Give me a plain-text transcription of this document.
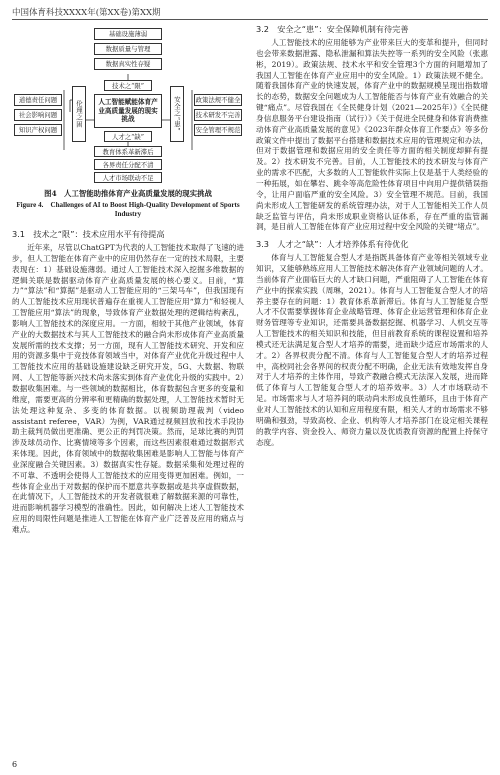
中国体育科技XXXX年(第XX卷)第XX期
基础设施薄弱
数据质量与管理
数据真实性存疑
道德责任问题
社会影响问题
知识产权问题
伦理之困
技术之“限”
人工智能赋能体育产业高质量发展的现实挑战
人才之“缺”
安全之“患”	政策法规不健全
技术研发不完善
安全管理不规范
教育体系革新滞后
各界责任分配不清
人才市场联动不足
图4　人工智能助推体育产业高质量发展的现实挑战
Figure 4.　Challenges of AI to Boost High-Quality Development of Sports Industry
3.1　技术之“限”：技术应用水平有待提高

近年来，尽管以ChatGPT为代表的人工智能技术取得了飞速的进步，但人工智能在体育产业中的应用仍然存在一定的技术局限，主要表现在：1）基础设施薄弱。通过人工智能技术深入挖掘多维数据的逻辑关联是数据驱动体育产业高质量发展的核心要义。目前，“算力”“算法”和“算据”是驱动人工智能应用的“三架马车”，但我国现有的人工智能技术应用现状普遍存在重视人工智能应用“算力”和轻视人工智能应用“算法”的现象，导致体育产业数据处理的逻辑结构紊乱，影响人工智能技术的深度应用。一方面，相较于其他产业领域，体育产业的大数据技术与其人工智能技术的融合尚未形成体育产业高质量发展所需的技术支撑；另一方面，现有人工智能技术研究、开发和应用的资源多集中于竞技体育领域当中，对体育产业优化升级过程中人工智能技术应用的基础设施建设缺乏研究开发，5G、大数据、物联网、人工智能等新兴技术尚未落实到体育产业优化升级的实践中。2）数据收集困难。与一些领域的数据相比，体育数据包含更多的变量和维度，需要更高的分辨率和更精确的数据处理，人工智能技术暂时无法处理这种复杂、多变的体育数据。以视频助理裁判（video assistant referee，VAR）为例，VAR通过视频回放和技术手段协助主裁判员做出更准确、更公正的判罚决策。然而，足球比赛的判罚涉及球员动作、比赛情境等多个因素，而这些因素很难通过数据形式来体现。因此，体育领域中的数据收集困难是影响人工智能与体育产业深度融合关键因素。3）数据真实性存疑。数据采集和处理过程的不可靠、不透明会使得人工智能技术的应用变得更加困难。例如，一些体育企业出于对数据的保护而不愿意共享数据或是共享虚假数据，在此情况下，人工智能技术的开发者就很难了解数据来源的可靠性，进而影响机器学习模型的准确性。因此，如何解决上述人工智能技术应用的局限性问题是推进人工智能在体育产业广泛普及应用的痛点与难点。

3.2　安全之“患”：安全保障机制有待完善

人工智能技术的应用能够为产业带来巨大的变革和提升，但同时也会带来数据泄露、隐私泄漏和算法失控等一系列的安全风险（张惠彬，2019）。政策法规、技术水平和安全管理3个方面的问题增加了我国人工智能在体育产业应用中的安全风险。1）政策法规不健全。随着我国体育产业的快速发展，体育产业中的数据规模呈现出指数增长的态势，数据安全问题成为人工智能能否与体育产业有效融合的关键“痛点”。尽管我国在《全民健身计划（2021—2025年）》《全民健身信息服务平台建设指南（试行）》《关于促进全民健身和体育消费推动体育产业高质量发展的意见》《2023年群众体育工作要点》等多份政策文件中提出了数据平台搭建和数据技术应用的管理规定和办法，但对于数据管理和数据应用的安全责任等方面的相关制度却鲜有提及。2）技术研发不完善。目前，人工智能技术的技术研发与体育产业的需求不匹配，大多数的人工智能软件实际上仅是基于人类经验的一种拓展，如在攀岩、跳伞等高危险性体育项目中向用户提供错误指令，让用户面临严重的安全风险。3）安全管理不规范。目前，我国尚未形成人工智能研发的系统管理办法，对于人工智能相关工作人员缺乏监管与评估，尚未形成职业资格认证体系，存在严重的监管漏洞，是目前人工智能在体育产业应用过程中安全风险的关键“堵点”。

3.3　人才之“缺”：人才培养体系有待优化

体育与人工智能复合型人才是指既具备体育产业等相关领域专业知识，又能够熟练应用人工智能技术解决体育产业领域问题的人才。当前体育产业面临巨大的人才缺口问题，严重阻碍了人工智能在体育产业中的探索实践（周琳，2021）。体育与人工智能复合型人才的培养主要存在的问题：1）教育体系革新滞后。体育与人工智能复合型人才不仅需要掌握体育企业战略管理、体育企业运营管理和体育企业财务管理等专业知识，还需要具备数据挖掘、机器学习、人机交互等人工智能技术的相关知识和技能，但目前教育系统的课程设置和培养模式还无法满足复合型人才培养的需要，进而缺少适应市场需求的人才。2）各界权责分配不清。体育与人工智能复合型人才的培养过程中，高校同社会各界间的权责分配不明确，企业无法有效地发挥自身对于人才培养的主体作用，导致产教融合模式无法深入发展，进而降低了体育与人工智能复合型人才的培养效率。3）人才市场联动不足。市场需求与人才培养间的联动尚未形成良性循环，且由于体育产业对人工智能技术的认知和应用程度有限，相关人才的市场需求不够明确和强劲，导致高校、企业、机构等人才培养部门在设定相关课程的教学内容、资金投入、师资力量以及优质教育资源的配置上持保守态度。

6
